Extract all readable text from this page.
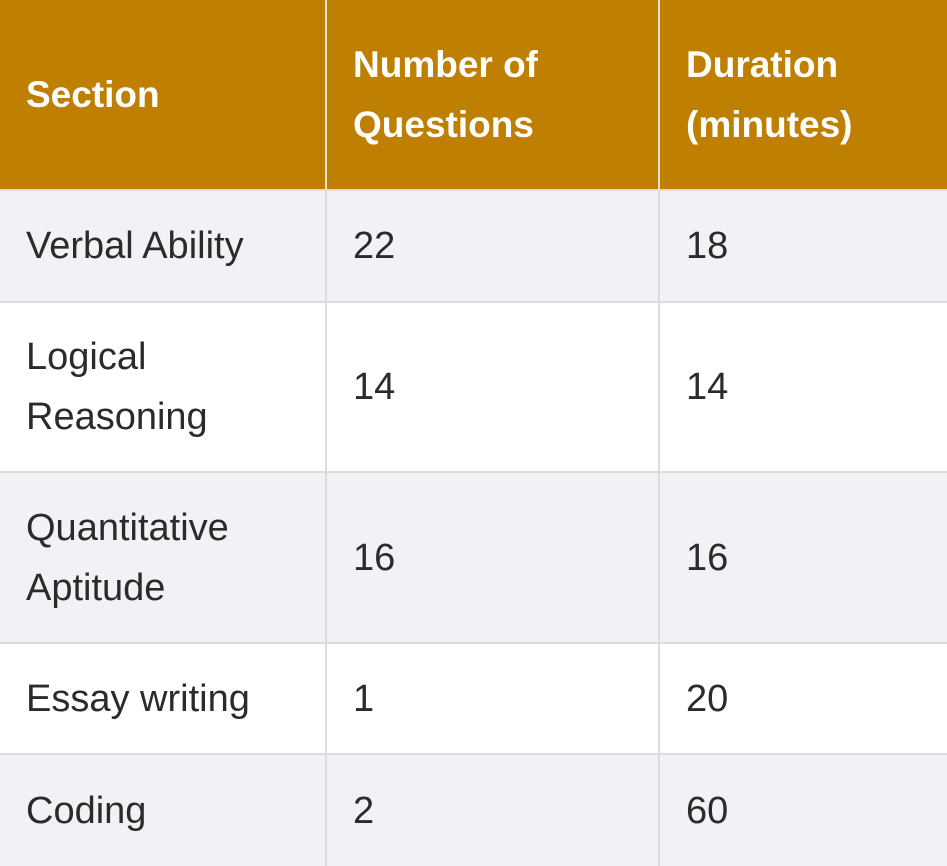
Section	Number of Questions	Duration (minutes)
Verbal Ability	22	18
Logical Reasoning	14	14
Quantitative Aptitude	16	16
Essay writing	1	20
Coding	2	60
